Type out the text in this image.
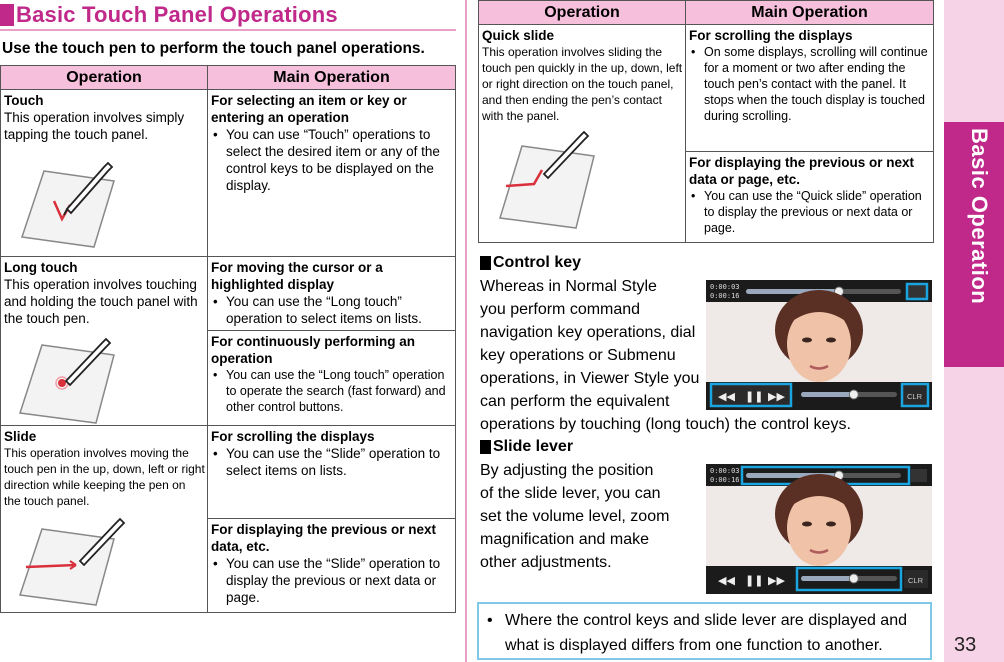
Basic Touch Panel Operations
Use the touch pen to perform the touch panel operations.
Operation	Main Operation

Touch
This operation involves simply tapping the touch panel.	For selecting an item or key or entering an operation
• You can use “Touch” operations to select the desired item or any of the control keys to be displayed on the display.

Long touch
This operation involves touching and holding the touch panel with the touch pen.	For moving the cursor or a highlighted display
• You can use the “Long touch” operation to select items on lists.

	For continuously performing an operation
• You can use the “Long touch” operation to operate the search (fast forward) and other control buttons.

Slide
This operation involves moving the touch pen in the up, down, left or right direction while keeping the pen on the touch panel.	For scrolling the displays
• You can use the “Slide” operation to select items on lists.

	For displaying the previous or next data, etc.
• You can use the “Slide” operation to display the previous or next data or page.
Operation	Main Operation

Quick slide
This operation involves sliding the touch pen quickly in the up, down, left or right direction on the touch panel, and then ending the pen’s contact with the panel.	For scrolling the displays
• On some displays, scrolling will continue for a moment or two after ending the touch pen’s contact with the panel. It stops when the touch display is touched during scrolling.

	For displaying the previous or next data or page, etc.
• You can use the “Quick slide” operation to display the previous or next data or page.
Control key
Whereas in Normal Style
you perform command
navigation key operations, dial
key operations or Submenu
operations, in Viewer Style you
can perform the equivalent
operations by touching (long touch) the control keys.
0:00:03
0:00:16
◀◀ ❚❚ ▶▶	CLR
Slide lever
By adjusting the position
of the slide lever, you can
set the volume level, zoom
magnification and make
other adjustments.
0:00:03
0:00:16
◀◀ ❚❚ ▶▶	CLR
• Where the control keys and slide lever are displayed and what is displayed differs from one function to another.
Basic Operation
33
